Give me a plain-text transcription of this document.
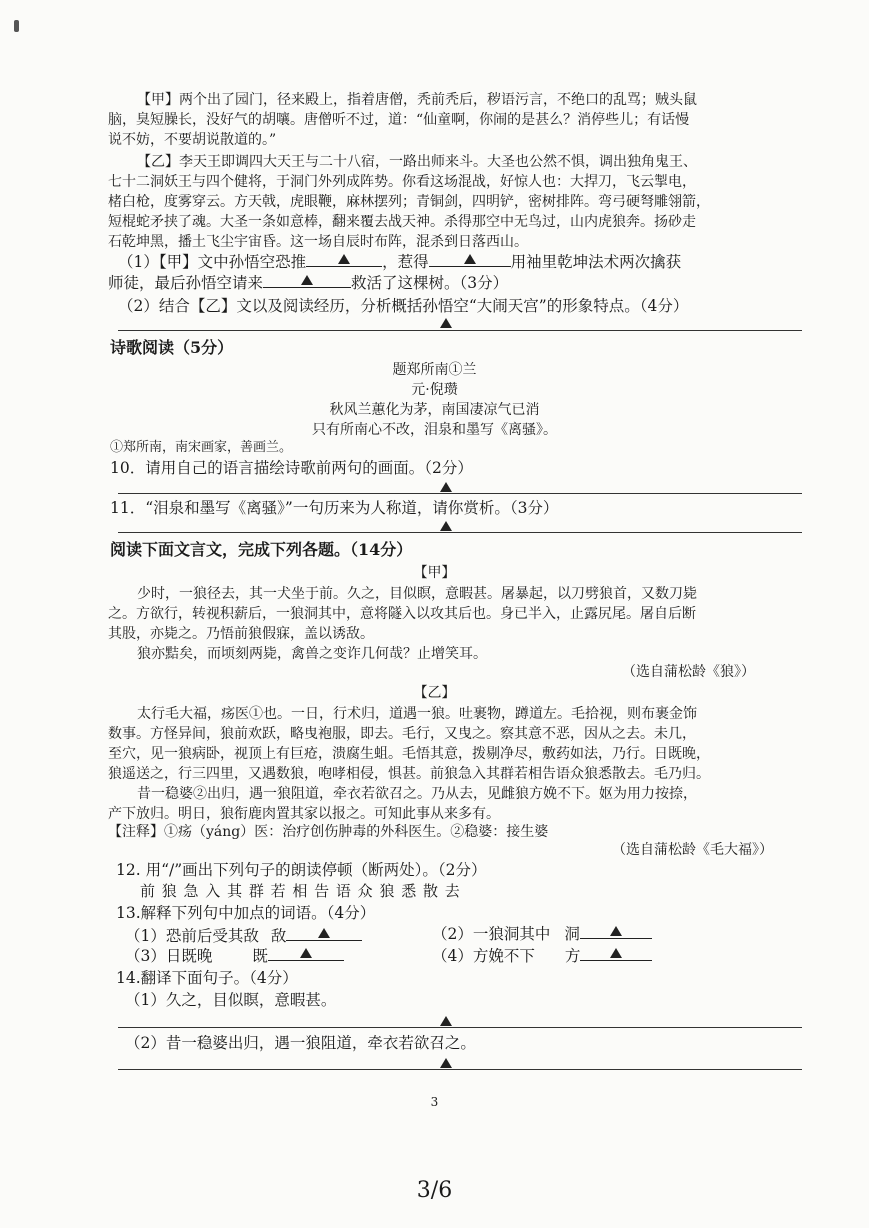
【甲】两个出了园门，径来殿上，指着唐僧，秃前秃后，秽语污言，不绝口的乱骂；贼头鼠
脑，臭短臊长，没好气的胡嚷。唐僧听不过，道：“仙童啊，你闹的是甚么？消停些儿；有话慢
说不妨，不要胡说散道的。”
【乙】李天王即调四大天王与二十八宿，一路出师来斗。大圣也公然不惧，调出独角鬼王、
七十二洞妖王与四个健将，于洞门外列成阵势。你看这场混战，好惊人也：大捍刀，飞云掣电，
楮白枪，度雾穿云。方天戟，虎眼鞭，麻林摆列；青铜剑，四明铲，密树排阵。弯弓硬弩雕翎箭，
短棍蛇矛挟了魂。大圣一条如意棒，翻来覆去战天神。杀得那空中无鸟过，山内虎狼奔。扬砂走
石乾坤黑，播土飞尘宇宙昏。这一场自辰时布阵，混杀到日落西山。
（1）【甲】文中孙悟空恐推	，惹得	用袖里乾坤法术两次擒获
师徒，最后孙悟空请来	救活了这棵树。（3分）
（2）结合【乙】文以及阅读经历，分析概括孙悟空“大闹天宫”的形象特点。（4分）
诗歌阅读（5分）
题郑所南①兰
元·倪瓒
秋风兰蕙化为茅，南国凄凉气已消
只有所南心不改，泪泉和墨写《离骚》。
①郑所南，南宋画家，善画兰。
10．请用自己的语言描绘诗歌前两句的画面。（2分）
11．“泪泉和墨写《离骚》”一句历来为人称道，请你赏析。（3分）
阅读下面文言文，完成下列各题。（14分）
【甲】
少时，一狼径去，其一犬坐于前。久之，目似瞑，意暇甚。屠暴起，以刀劈狼首，又数刀毙
之。方欲行，转视积薪后，一狼洞其中，意将隧入以攻其后也。身已半入，止露尻尾。屠自后断
其股，亦毙之。乃悟前狼假寐，盖以诱敌。
狼亦黠矣，而顷刻两毙，禽兽之变诈几何哉？止增笑耳。
（选自蒲松龄《狼》）
【乙】
太行毛大福，疡医①也。一日，行术归，道遇一狼。吐裹物，蹲道左。毛拾视，则布裹金饰
数事。方怪异间，狼前欢跃，略曳袍服，即去。毛行，又曳之。察其意不恶，因从之去。未几，
至穴，见一狼病卧，视顶上有巨疮，溃腐生蛆。毛悟其意，拨剔净尽，敷药如法，乃行。日既晚，
狼遥送之，行三四里，又遇数狼，咆哮相侵，惧甚。前狼急入其群若相告语众狼悉散去。毛乃归。
昔一稳婆②出归，遇一狼阻道，牵衣若欲召之。乃从去，见雌狼方娩不下。妪为用力按捺，
产下放归。明日，狼衔鹿肉置其家以报之。可知此事从来多有。
【注释】①疡（yáng）医：治疗创伤肿毒的外科医生。②稳婆：接生婆
（选自蒲松龄《毛大福》）
12. 用“/”画出下列句子的朗读停顿（断两处）。（2分）
前 狼 急 入 其 群 若 相 告 语 众 狼 悉 散 去
13.解释下列句中加点的词语。（4分）
（1）恐前后受其敌 敌	（2）一狼洞其中 洞
（3）日既晚	既	（4）方娩不下 方
14.翻译下面句子。（4分）
（1）久之，目似瞑，意暇甚。
（2）昔一稳婆出归，遇一狼阻道，牵衣若欲召之。
3
3/6
